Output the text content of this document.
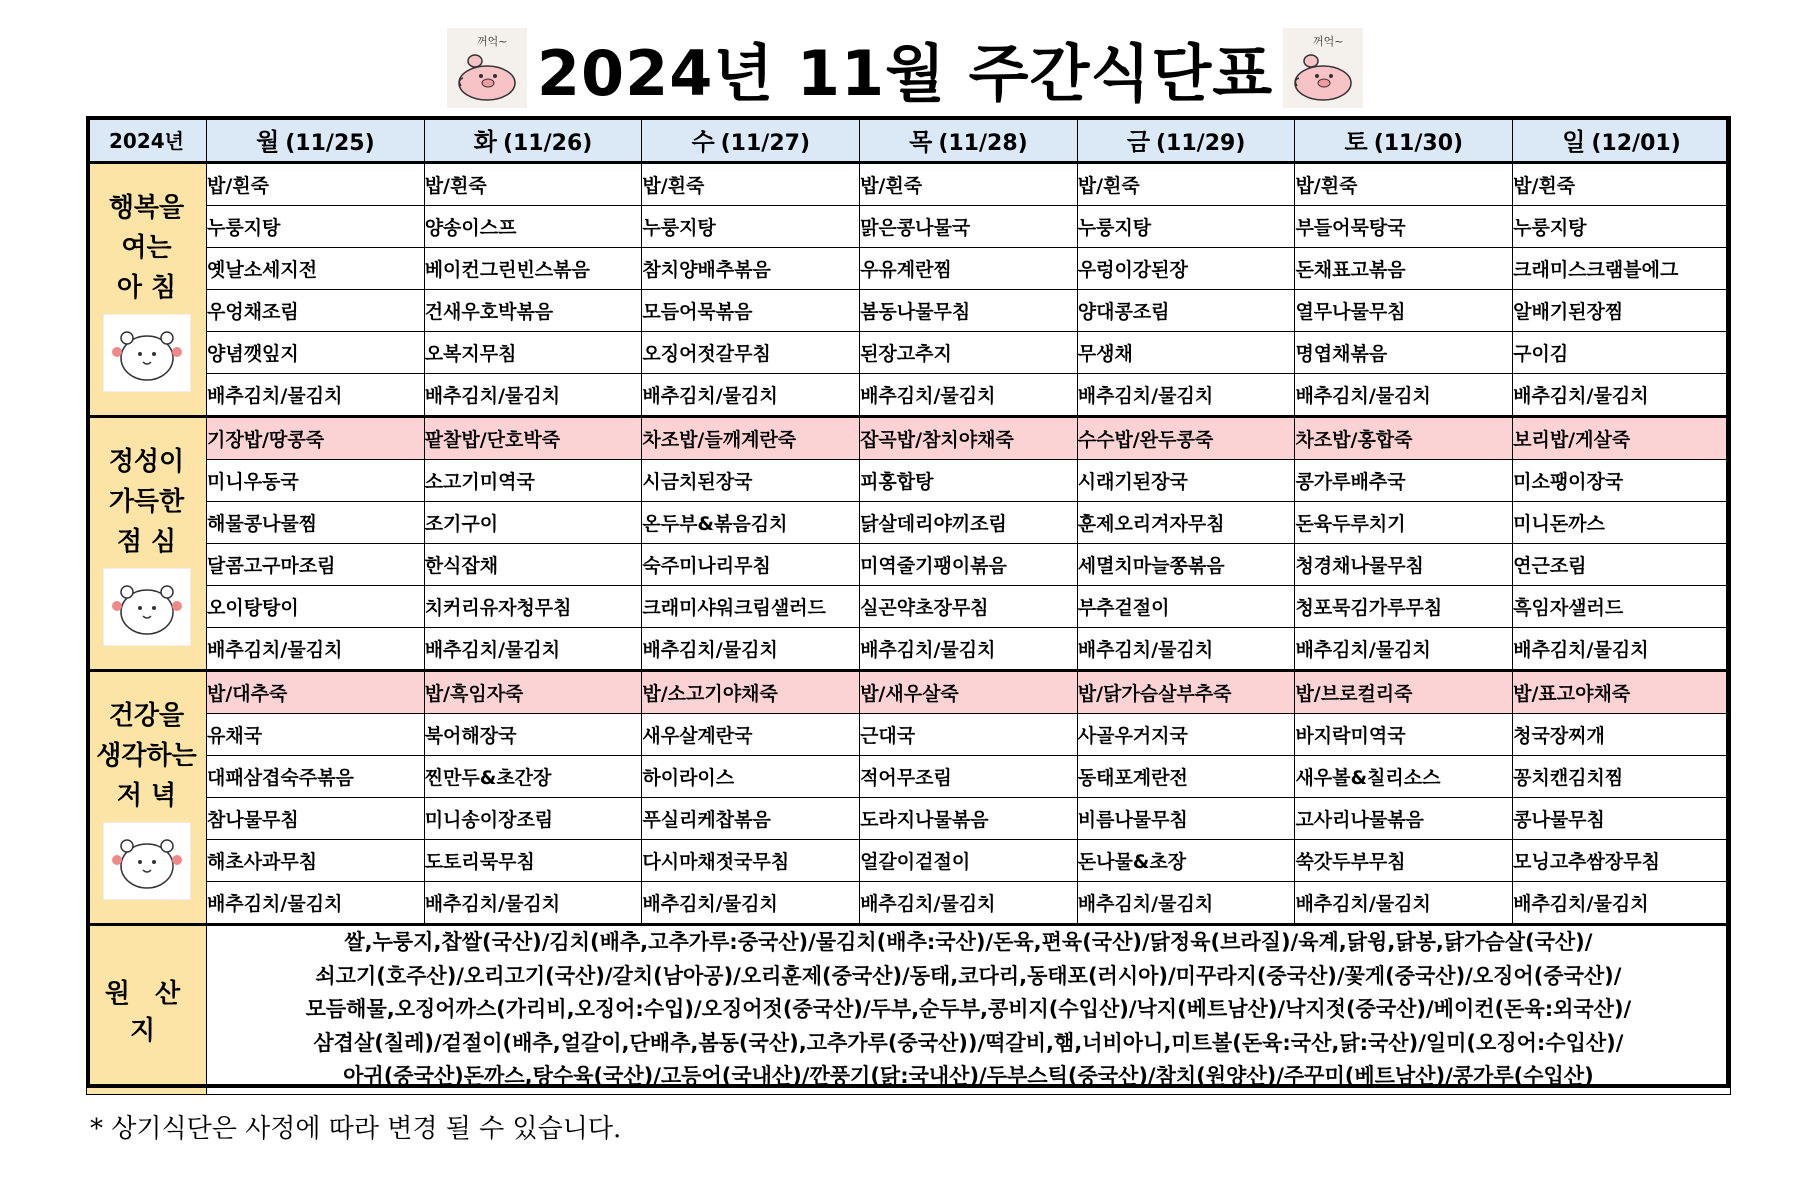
꺼억~ 2024년 11월 주간식단표	꺼억~
2024년	월 (11/25)	화 (11/26)	수 (11/27)	목 (11/28)	금 (11/29)	토 (11/30)	일 (12/01)

행복을
여는
아 침	밥/흰죽	밥/흰죽	밥/흰죽	밥/흰죽	밥/흰죽	밥/흰죽	밥/흰죽
	누룽지탕	양송이스프	누룽지탕	맑은콩나물국	누룽지탕	부들어묵탕국	누룽지탕
	옛날소세지전	베이컨그린빈스볶음	참치양배추볶음	우유계란찜	우렁이강된장	돈채표고볶음	크래미스크램블에그
	우엉채조림	건새우호박볶음	모듬어묵볶음	봄동나물무침	양대콩조림	열무나물무침	알배기된장찜
	양념깻잎지	오복지무침	오징어젓갈무침	된장고추지	무생채	명엽채볶음	구이김
	배추김치/물김치	배추김치/물김치	배추김치/물김치	배추김치/물김치	배추김치/물김치	배추김치/물김치	배추김치/물김치

정성이
가득한
점 심	기장밥/땅콩죽	팥찰밥/단호박죽	차조밥/들깨계란죽	잡곡밥/참치야채죽	수수밥/완두콩죽	차조밥/홍합죽	보리밥/게살죽
	미니우동국	소고기미역국	시금치된장국	피홍합탕	시래기된장국	콩가루배추국	미소팽이장국
	해물콩나물찜	조기구이	온두부&볶음김치	닭살데리야끼조림	훈제오리겨자무침	돈육두루치기	미니돈까스
	달콤고구마조림	한식잡채	숙주미나리무침	미역줄기팽이볶음	세멸치마늘쫑볶음	청경채나물무침	연근조림
	오이탕탕이	치커리유자청무침	크래미샤워크림샐러드	실곤약초장무침	부추겉절이	청포묵김가루무침	흑임자샐러드
	배추김치/물김치	배추김치/물김치	배추김치/물김치	배추김치/물김치	배추김치/물김치	배추김치/물김치	배추김치/물김치

건강을
생각하는
저 녁	밥/대추죽	밥/흑임자죽	밥/소고기야채죽	밥/새우살죽	밥/닭가슴살부추죽	밥/브로컬리죽	밥/표고야채죽
	유채국	북어해장국	새우살계란국	근대국	사골우거지국	바지락미역국	청국장찌개
	대패삼겹숙주볶음	찐만두&초간장	하이라이스	적어무조림	동태포계란전	새우볼&칠리소스	꽁치캔김치찜
	참나물무침	미니송이장조림	푸실리케찹볶음	도라지나물볶음	비름나물무침	고사리나물볶음	콩나물무침
	해초사과무침	도토리묵무침	다시마채젓국무침	얼갈이겉절이	돈나물&초장	쑥갓두부무침	모닝고추쌈장무침
	배추김치/물김치	배추김치/물김치	배추김치/물김치	배추김치/물김치	배추김치/물김치	배추김치/물김치	배추김치/물김치
원 산 지	쌀,누룽지,찹쌀(국산)/김치(배추,고추가루:중국산)/물김치(배추:국산)/돈육,편육(국산)/닭정육(브라질)/육계,닭윙,닭봉,닭가슴살(국산)/
쇠고기(호주산)/오리고기(국산)/갈치(남아공)/오리훈제(중국산)/동태,코다리,동태포(러시아)/미꾸라지(중국산)/꽃게(중국산)/오징어(중국산)/
모듬해물,오징어까스(가리비,오징어:수입)/오징어젓(중국산)/두부,순두부,콩비지(수입산)/낙지(베트남산)/낙지젓(중국산)/베이컨(돈육:외국산)/
삼겹살(칠레)/겉절이(배추,얼갈이,단배추,봄동(국산),고추가루(중국산))/떡갈비,햄,너비아니,미트볼(돈육:국산,닭:국산)/일미(오징어:수입산)/
아귀(중국산)돈까스,탕수육(국산)/고등어(국내산)/깐풍기(닭:국내산)/두부스틱(중국산)/참치(원양산)/주꾸미(베트남산)/콩가루(수입산)						
* 상기식단은 사정에 따라 변경 될 수 있습니다.
